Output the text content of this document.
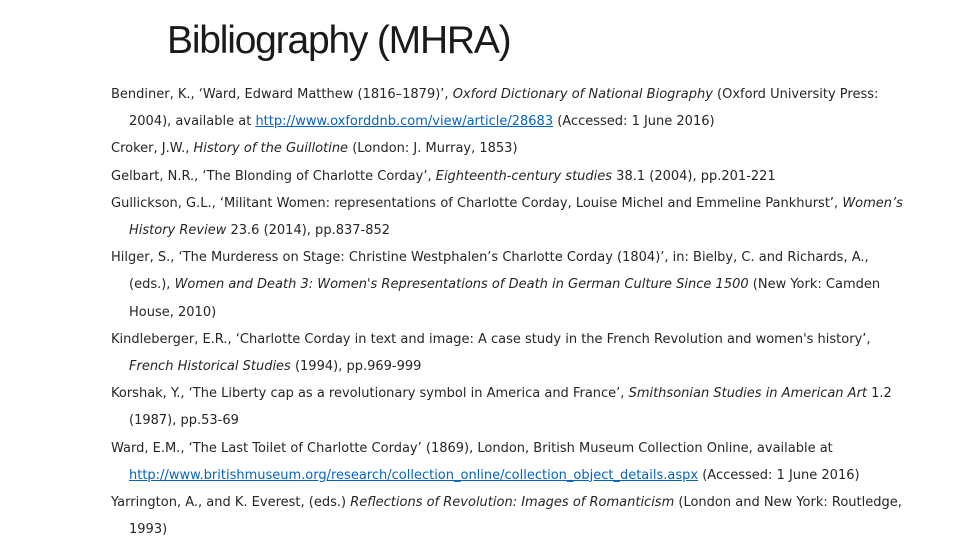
Bibliography (MHRA)

Bendiner, K., ‘Ward, Edward Matthew (1816–1879)’, Oxford Dictionary of National Biography (Oxford University Press: 2004), available at http://www.oxforddnb.com/view/article/28683 (Accessed: 1 June 2016)

Croker, J.W., History of the Guillotine (London: J. Murray, 1853)

Gelbart, N.R., ‘The Blonding of Charlotte Corday’, Eighteenth-century studies 38.1 (2004), pp.201-221

Gullickson, G.L., ‘Militant Women: representations of Charlotte Corday, Louise Michel and Emmeline Pankhurst’, Women’s History Review 23.6 (2014), pp.837-852

Hilger, S., ‘The Murderess on Stage: Christine Westphalen’s Charlotte Corday (1804)’, in: Bielby, C. and Richards, A., (eds.), Women and Death 3: Women's Representations of Death in German Culture Since 1500 (New York: Camden House, 2010)

Kindleberger, E.R., ‘Charlotte Corday in text and image: A case study in the French Revolution and women's history’, French Historical Studies (1994), pp.969-999

Korshak, Y., ‘The Liberty cap as a revolutionary symbol in America and France’, Smithsonian Studies in American Art 1.2 (1987), pp.53-69

Ward, E.M., ‘The Last Toilet of Charlotte Corday’ (1869), London, British Museum Collection Online, available at http://www.britishmuseum.org/research/collection_online/collection_object_details.aspx (Accessed: 1 June 2016)

Yarrington, A., and K. Everest, (eds.) Reflections of Revolution: Images of Romanticism (London and New York: Routledge, 1993)
